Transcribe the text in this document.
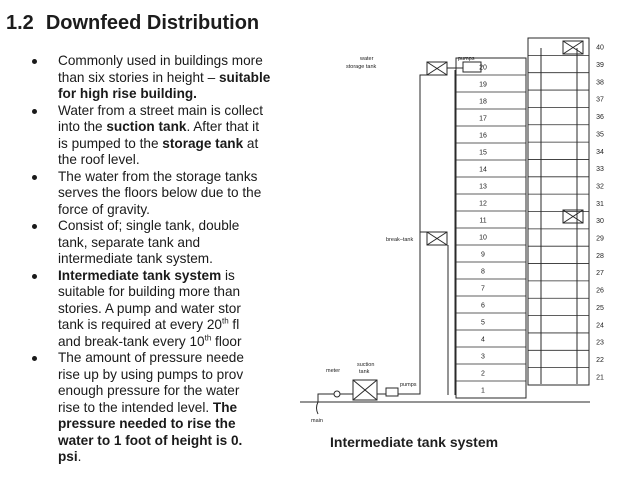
1.2 Downfeed Distribution
Commonly used in buildings more
than six stories in height – suitable
for high rise building.
Water from a street main is collect
into the suction tank. After that it
is pumped to the storage tank at
the roof level.
The water from the storage tanks
serves the floors below due to the
force of gravity.
Consist of; single tank, double
tank, separate tank and
intermediate tank system.
Intermediate tank system is
suitable for building more than
stories. A pump and water stor
tank is required at every 20th fl
and break-tank every 10th floor
The amount of pressure neede
rise up by using pumps to prov
enough pressure for the water
rise to the intended level. The
pressure needed to rise the
water to 1 foot of height is 0.
psi.
20
19
18
17
16
15
14
13
12
11
10
9
8
7
6
5
4
3
2
1
40
39
38
37
36
35
34
33
32
31
30
29
28
27
26
25
24
23
22
21
water
storage tank
pumps
break–tank
suction
tank
meter
pumps
main
Intermediate tank system
